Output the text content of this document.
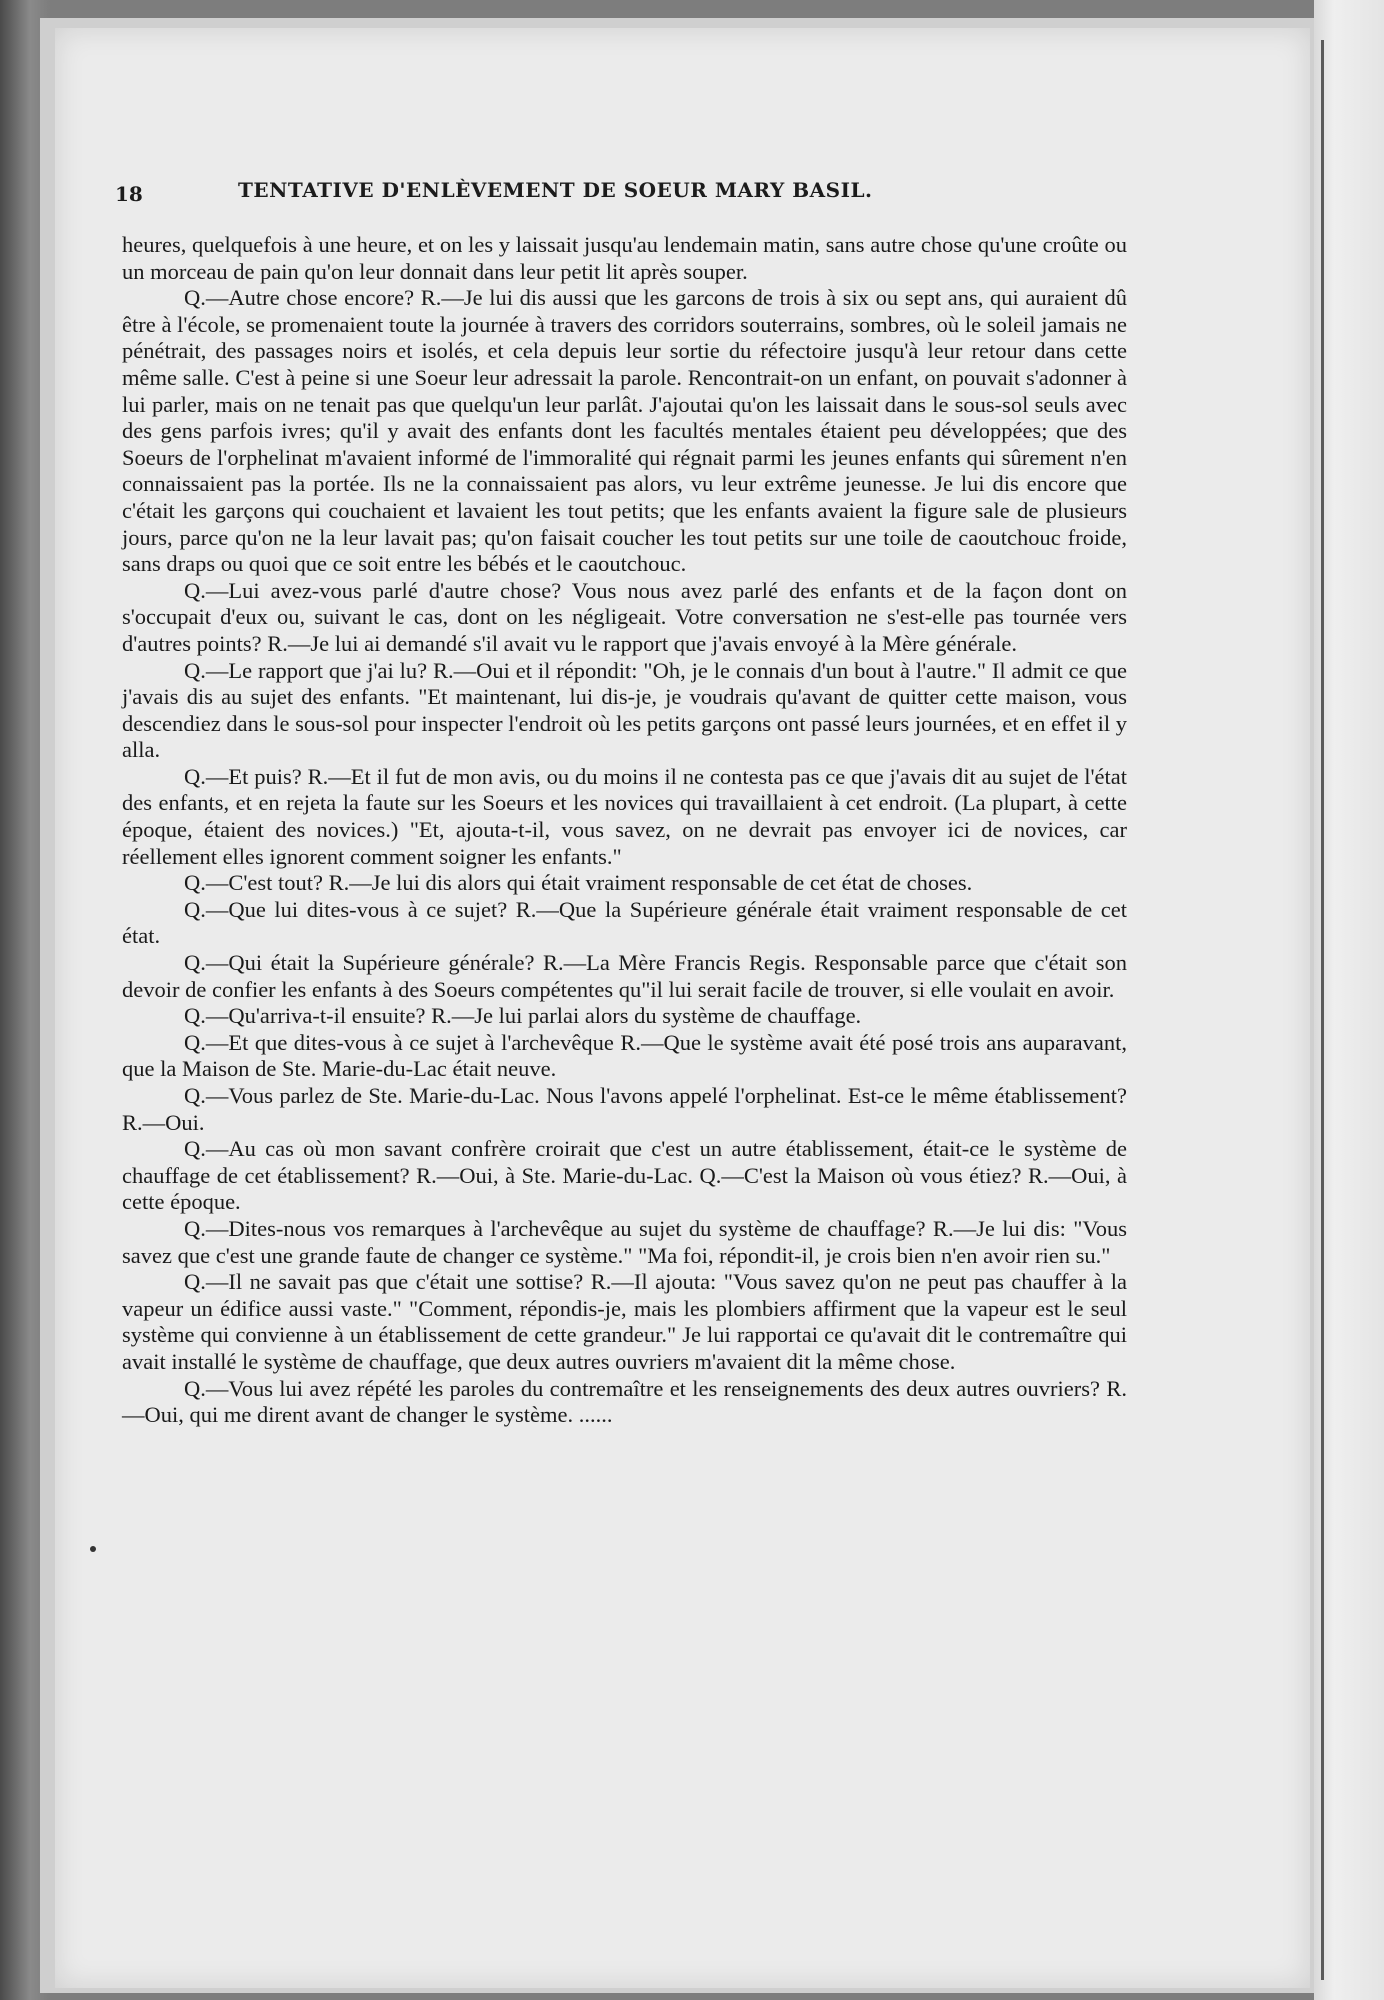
18	TENTATIVE D'ENLÈVEMENT DE SOEUR MARY BASIL.

heures, quelquefois à une heure, et on les y laissait jusqu'au lendemain matin, sans autre chose qu'une croûte ou un morceau de pain qu'on leur donnait dans leur petit lit après souper.

Q.—Autre chose encore? R.—Je lui dis aussi que les garcons de trois à six ou sept ans, qui auraient dû être à l'école, se promenaient toute la journée à travers des corridors souterrains, sombres, où le soleil jamais ne pénétrait, des passages noirs et isolés, et cela depuis leur sortie du réfectoire jusqu'à leur retour dans cette même salle. C'est à peine si une Soeur leur adressait la parole. Rencontrait-on un enfant, on pouvait s'adonner à lui parler, mais on ne tenait pas que quelqu'un leur parlât. J'ajoutai qu'on les laissait dans le sous-sol seuls avec des gens parfois ivres; qu'il y avait des enfants dont les facultés mentales étaient peu développées; que des Soeurs de l'orphelinat m'avaient informé de l'immoralité qui régnait parmi les jeunes enfants qui sûrement n'en connaissaient pas la portée. Ils ne la connaissaient pas alors, vu leur extrême jeunesse. Je lui dis encore que c'était les garçons qui couchaient et lavaient les tout petits; que les enfants avaient la figure sale de plusieurs jours, parce qu'on ne la leur lavait pas; qu'on faisait coucher les tout petits sur une toile de caoutchouc froide, sans draps ou quoi que ce soit entre les bébés et le caoutchouc.

Q.—Lui avez-vous parlé d'autre chose? Vous nous avez parlé des enfants et de la façon dont on s'occupait d'eux ou, suivant le cas, dont on les négligeait. Votre conversation ne s'est-elle pas tournée vers d'autres points? R.—Je lui ai demandé s'il avait vu le rapport que j'avais envoyé à la Mère générale.

Q.—Le rapport que j'ai lu? R.—Oui et il répondit: "Oh, je le connais d'un bout à l'autre." Il admit ce que j'avais dis au sujet des enfants. "Et maintenant, lui dis-je, je voudrais qu'avant de quitter cette maison, vous descendiez dans le sous-sol pour inspecter l'endroit où les petits garçons ont passé leurs journées, et en effet il y alla.

Q.—Et puis? R.—Et il fut de mon avis, ou du moins il ne contesta pas ce que j'avais dit au sujet de l'état des enfants, et en rejeta la faute sur les Soeurs et les novices qui travaillaient à cet endroit. (La plupart, à cette époque, étaient des novices.) "Et, ajouta-t-il, vous savez, on ne devrait pas envoyer ici de novices, car réellement elles ignorent comment soigner les enfants."

Q.—C'est tout? R.—Je lui dis alors qui était vraiment responsable de cet état de choses.

Q.—Que lui dites-vous à ce sujet? R.—Que la Supérieure générale était vraiment responsable de cet état.

Q.—Qui était la Supérieure générale? R.—La Mère Francis Regis. Responsable parce que c'était son devoir de confier les enfants à des Soeurs compétentes qu"il lui serait facile de trouver, si elle voulait en avoir.

Q.—Qu'arriva-t-il ensuite? R.—Je lui parlai alors du système de chauffage.

Q.—Et que dites-vous à ce sujet à l'archevêque R.—Que le système avait été posé trois ans auparavant, que la Maison de Ste. Marie-du-Lac était neuve.

Q.—Vous parlez de Ste. Marie-du-Lac. Nous l'avons appelé l'orphelinat. Est-ce le même établissement? R.—Oui.

Q.—Au cas où mon savant confrère croirait que c'est un autre établissement, était-ce le système de chauffage de cet établissement? R.—Oui, à Ste. Marie-du-Lac. Q.—C'est la Maison où vous étiez? R.—Oui, à cette époque.

Q.—Dites-nous vos remarques à l'archevêque au sujet du système de chauffage? R.—Je lui dis: "Vous savez que c'est une grande faute de changer ce système." "Ma foi, répondit-il, je crois bien n'en avoir rien su."

Q.—Il ne savait pas que c'était une sottise? R.—Il ajouta: "Vous savez qu'on ne peut pas chauffer à la vapeur un édifice aussi vaste." "Comment, répondis-je, mais les plombiers affirment que la vapeur est le seul système qui convienne à un établissement de cette grandeur." Je lui rapportai ce qu'avait dit le contremaître qui avait installé le système de chauffage, que deux autres ouvriers m'avaient dit la même chose.

Q.—Vous lui avez répété les paroles du contremaître et les renseignements des deux autres ouvriers? R.—Oui, qui me dirent avant de changer le système. ......
